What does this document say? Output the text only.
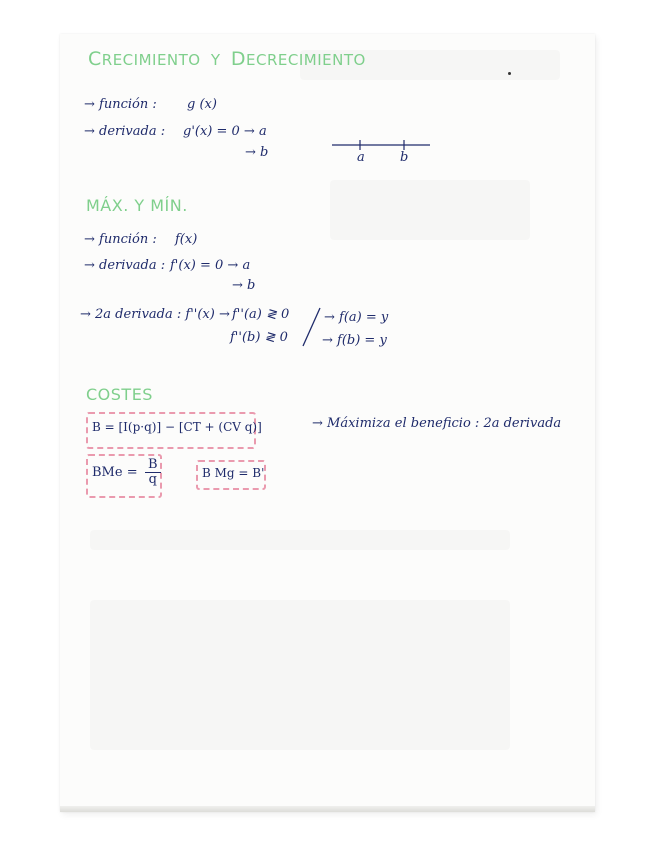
CRECIMIENTO Y DECRECIMIENTO
→ función : g (x)
→ derivada : g'(x) = 0 → a
→ b	a	b
MÁX. Y MÍN.
→ función : f(x)
→ derivada : f'(x) = 0 → a
→ b
→ 2a derivada : f''(x) → f''(a) ≷ 0
f''(b) ≷ 0
→ f(a) = y
→ f(b) = y
COSTES
B = [I(p·q)] − [CT + (CV q)]	→ Máximiza el beneficio : 2a derivada
BMe = $\frac{B}{q}$	B Mg = B'
